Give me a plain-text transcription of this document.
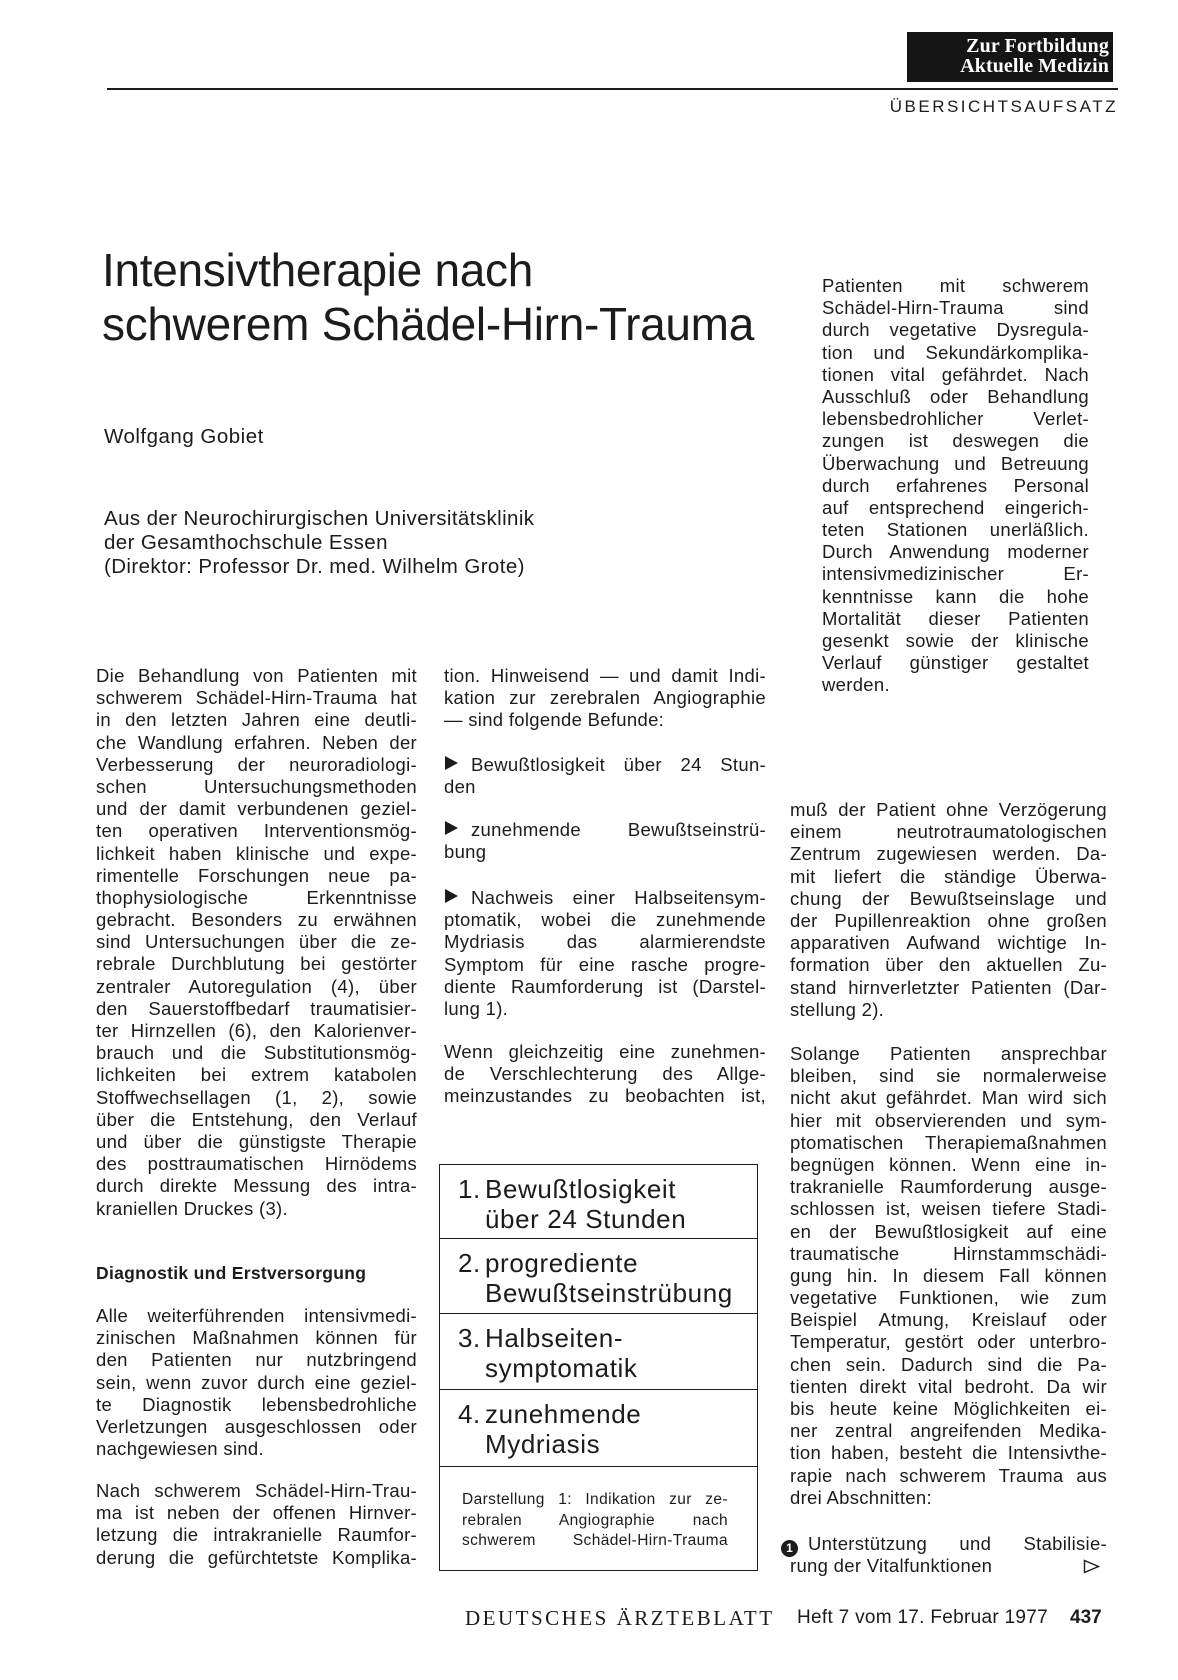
Zur Fortbildung
Aktuelle Medizin
ÜBERSICHTSAUFSATZ
Intensivtherapie nach
schwerem Schädel-Hirn-Trauma
Wolfgang Gobiet
Aus der Neurochirurgischen Universitätsklinik
der Gesamthochschule Essen
(Direktor: Professor Dr. med. Wilhelm Grote)
Patienten mit schwerem
Schädel-Hirn-Trauma sind
durch vegetative Dysregula-
tion und Sekundärkomplika-
tionen vital gefährdet. Nach
Ausschluß oder Behandlung
lebensbedrohlicher Verlet-
zungen ist deswegen die
Überwachung und Betreuung
durch erfahrenes Personal
auf entsprechend eingerich-
teten Stationen unerläßlich.
Durch Anwendung moderner
intensivmedizinischer Er-
kenntnisse kann die hohe
Mortalität dieser Patienten
gesenkt sowie der klinische
Verlauf günstiger gestaltet
werden.
Die Behandlung von Patienten mit
schwerem Schädel-Hirn-Trauma hat
in den letzten Jahren eine deutli-
che Wandlung erfahren. Neben der
Verbesserung der neuroradiologi-
schen Untersuchungsmethoden
und der damit verbundenen geziel-
ten operativen Interventionsmög-
lichkeit haben klinische und expe-
rimentelle Forschungen neue pa-
thophysiologische Erkenntnisse
gebracht. Besonders zu erwähnen
sind Untersuchungen über die ze-
rebrale Durchblutung bei gestörter
zentraler Autoregulation (4), über
den Sauerstoffbedarf traumatisier-
ter Hirnzellen (6), den Kalorienver-
brauch und die Substitutionsmög-
lichkeiten bei extrem katabolen
Stoffwechsellagen (1, 2), sowie
über die Entstehung, den Verlauf
und über die günstigste Therapie
des posttraumatischen Hirnödems
durch direkte Messung des intra-
kraniellen Druckes (3).
Diagnostik und Erstversorgung
Alle weiterführenden intensivmedi-
zinischen Maßnahmen können für
den Patienten nur nutzbringend
sein, wenn zuvor durch eine geziel-
te Diagnostik lebensbedrohliche
Verletzungen ausgeschlossen oder
nachgewiesen sind.
Nach schwerem Schädel-Hirn-Trau-
ma ist neben der offenen Hirnver-
letzung die intrakranielle Raumfor-
derung die gefürchtetste Komplika-
tion. Hinweisend — und damit Indi-
kation zur zerebralen Angiographie
— sind folgende Befunde:
Bewußtlosigkeit über 24 Stun-
den
zunehmende Bewußtseinstrü-
bung
Nachweis einer Halbseitensym-
ptomatik, wobei die zunehmende
Mydriasis das alarmierendste
Symptom für eine rasche progre-
diente Raumforderung ist (Darstel-
lung 1).
Wenn gleichzeitig eine zunehmen-
de Verschlechterung des Allge-
meinzustandes zu beobachten ist,
1. Bewußtlosigkeit
über 24 Stunden
2. progrediente
Bewußtseinstrübung
3. Halbseiten-
symptomatik
4. zunehmende
Mydriasis
Darstellung 1: Indikation zur ze-
rebralen Angiographie nach
schwerem Schädel-Hirn-Trauma
muß der Patient ohne Verzögerung
einem neutrotraumatologischen
Zentrum zugewiesen werden. Da-
mit liefert die ständige Überwa-
chung der Bewußtseinslage und
der Pupillenreaktion ohne großen
apparativen Aufwand wichtige In-
formation über den aktuellen Zu-
stand hirnverletzter Patienten (Dar-
stellung 2).
Solange Patienten ansprechbar
bleiben, sind sie normalerweise
nicht akut gefährdet. Man wird sich
hier mit observierenden und sym-
ptomatischen Therapiemaßnahmen
begnügen können. Wenn eine in-
trakranielle Raumforderung ausge-
schlossen ist, weisen tiefere Stadi-
en der Bewußtlosigkeit auf eine
traumatische Hirnstammschädi-
gung hin. In diesem Fall können
vegetative Funktionen, wie zum
Beispiel Atmung, Kreislauf oder
Temperatur, gestört oder unterbro-
chen sein. Dadurch sind die Pa-
tienten direkt vital bedroht. Da wir
bis heute keine Möglichkeiten ei-
ner zentral angreifenden Medika-
tion haben, besteht die Intensivthe-
rapie nach schwerem Trauma aus
drei Abschnitten:
1 Unterstützung und Stabilisie-
rung der Vitalfunktionen
DEUTSCHES ÄRZTEBLATT Heft 7 vom 17. Februar 1977 437
